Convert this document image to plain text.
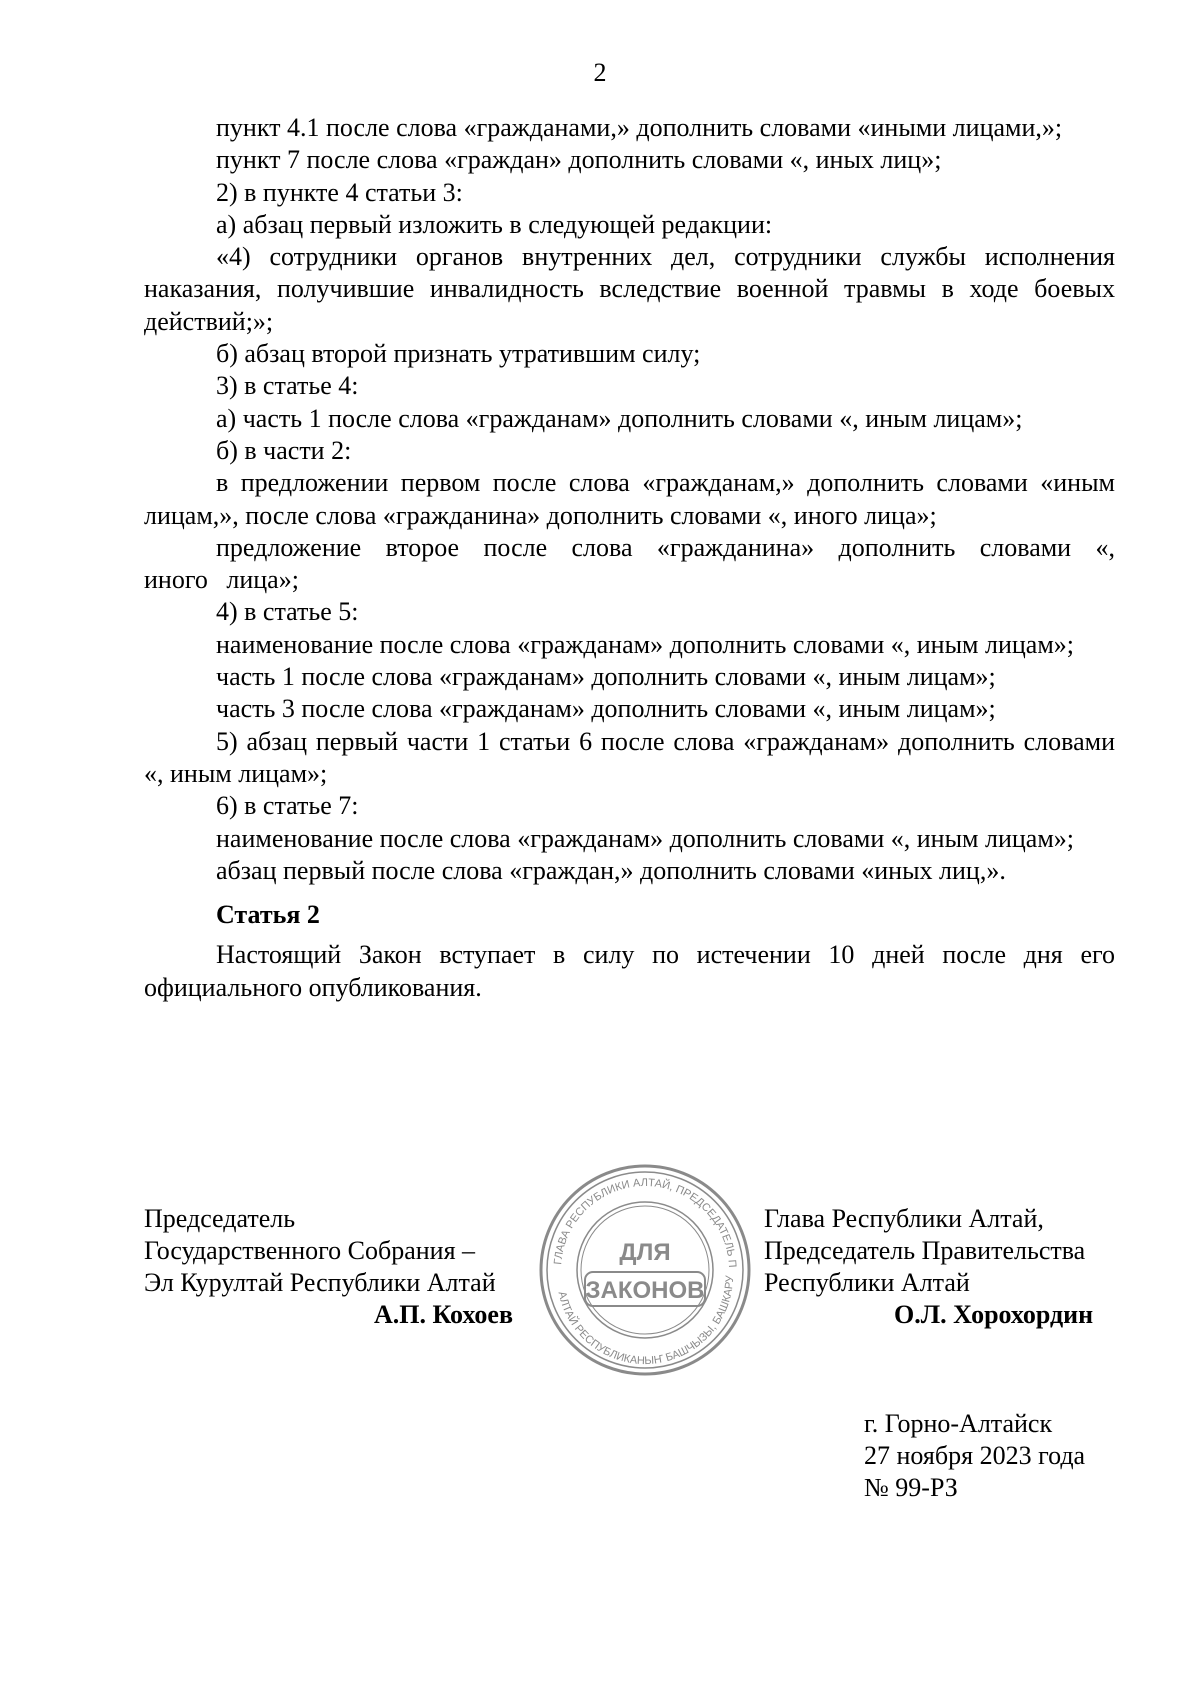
2

пункт 4.1 после слова «гражданами,» дополнить словами «иными лицами,»;

пункт 7 после слова «граждан» дополнить словами «, иных лиц»;

2) в пункте 4 статьи 3:

а) абзац первый изложить в следующей редакции:

«4) сотрудники органов внутренних дел, сотрудники службы исполнения наказания, получившие инвалидность вследствие военной травмы в ходе боевых действий;»;

б) абзац второй признать утратившим силу;

3) в статье 4:

а) часть 1 после слова «гражданам» дополнить словами «, иным лицам»;

б) в части 2:

в предложении первом после слова «гражданам,» дополнить словами «иным лицам,», после слова «гражданина» дополнить словами «, иного лица»;

предложение второе после слова «гражданина» дополнить словами «, иного лица»;

4) в статье 5:

наименование после слова «гражданам» дополнить словами «, иным лицам»;

часть 1 после слова «гражданам» дополнить словами «, иным лицам»;

часть 3 после слова «гражданам» дополнить словами «, иным лицам»;

5) абзац первый части 1 статьи 6 после слова «гражданам» дополнить словами «, иным лицам»;

6) в статье 7:

наименование после слова «гражданам» дополнить словами «, иным лицам»;

абзац первый после слова «граждан,» дополнить словами «иных лиц,».

Статья 2

Настоящий Закон вступает в силу по истечении 10 дней после дня его официального опубликования.

Председатель
Государственного Собрания –
Эл Курултай Республики Алтай
А.П. Кохоев
ГЛАВА РЕСПУБЛИКИ АЛТАЙ, ПРЕДСЕДАТЕЛЬ П
АЛТАЙ РЕСПУБЛИКАНЫҤ БАШЧЫЗЫ, БАШКАРУ
ДЛЯ
ЗАКОНОВ
Глава Республики Алтай,
Председатель Правительства
Республики Алтай
О.Л. Хорохордин
г. Горно-Алтайск
27 ноября 2023 года
№ 99-РЗ
